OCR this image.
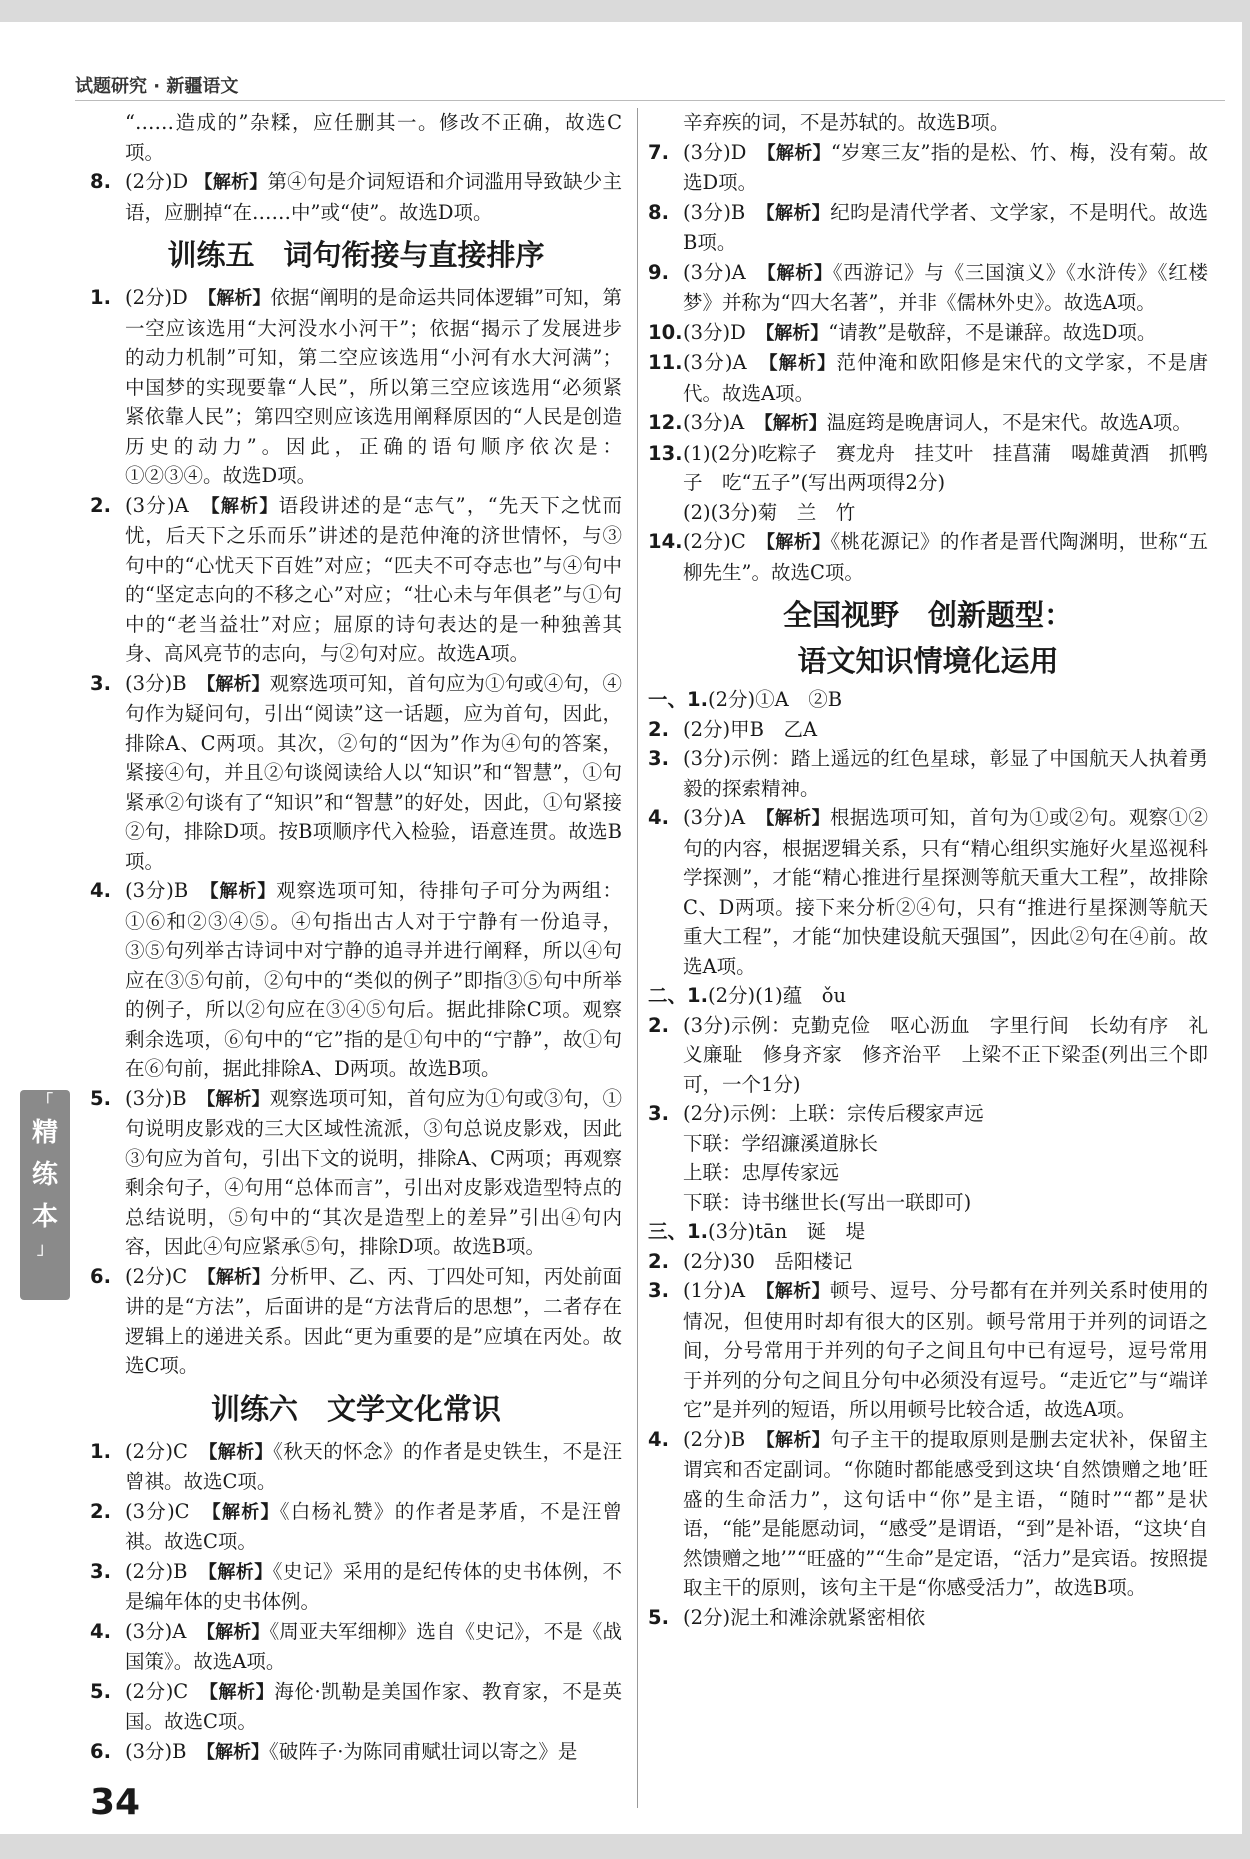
试题研究 · 新疆语文
“……造成的”杂糅，应任删其一。修改不正确，故选C项。
8. (2分)D 【解析】第④句是介词短语和介词滥用导致缺少主语，应删掉“在……中”或“使”。故选D项。
训练五　词句衔接与直接排序
1. (2分)D　 【解析】依据“阐明的是命运共同体逻辑”可知，第一空应该选用“大河没水小河干”；依据“揭示了发展进步的动力机制”可知，第二空应该选用“小河有水大河满”；中国梦的实现要靠“人民”，所以第三空应该选用“必须紧紧依靠人民”；第四空则应该选用阐释原因的“人民是创造历史的动力”。因此，正确的语句顺序依次是：①②③④。故选D项。
2. (3分)A　 【解析】语段讲述的是“志气”，“先天下之忧而忧，后天下之乐而乐”讲述的是范仲淹的济世情怀，与③句中的“心忧天下百姓”对应；“匹夫不可夺志也”与④句中的“坚定志向的不移之心”对应；“壮心未与年俱老”与①句中的“老当益壮”对应；屈原的诗句表达的是一种独善其身、高风亮节的志向，与②句对应。故选A项。
3. (3分)B　 【解析】观察选项可知，首句应为①句或④句，④句作为疑问句，引出“阅读”这一话题，应为首句，因此，排除A、C两项。其次，②句的“因为”作为④句的答案，紧接④句，并且②句谈阅读给人以“知识”和“智慧”，①句紧承②句谈有了“知识”和“智慧”的好处，因此，①句紧接②句，排除D项。按B项顺序代入检验，语意连贯。故选B项。
4. (3分)B　 【解析】观察选项可知，待排句子可分为两组：①⑥和②③④⑤。④句指出古人对于宁静有一份追寻，③⑤句列举古诗词中对宁静的追寻并进行阐释，所以④句应在③⑤句前，②句中的“类似的例子”即指③⑤句中所举的例子，所以②句应在③④⑤句后。据此排除C项。观察剩余选项，⑥句中的“它”指的是①句中的“宁静”，故①句在⑥句前，据此排除A、D两项。故选B项。
5. (3分)B　 【解析】观察选项可知，首句应为①句或③句，①句说明皮影戏的三大区域性流派，③句总说皮影戏，因此③句应为首句，引出下文的说明，排除A、C两项；再观察剩余句子，④句用“总体而言”，引出对皮影戏造型特点的总结说明，⑤句中的“其次是造型上的差异”引出④句内容，因此④句应紧承⑤句，排除D项。故选B项。
6. (2分)C　 【解析】分析甲、乙、丙、丁四处可知，丙处前面讲的是“方法”，后面讲的是“方法背后的思想”，二者存在逻辑上的递进关系。因此“更为重要的是”应填在丙处。故选C项。
训练六　文学文化常识
1. (2分)C　 【解析】《秋天的怀念》的作者是史铁生，不是汪曾祺。故选C项。
2. (3分)C　 【解析】《白杨礼赞》的作者是茅盾，不是汪曾祺。故选C项。
3. (2分)B　 【解析】《史记》采用的是纪传体的史书体例，不是编年体的史书体例。
4. (3分)A　 【解析】《周亚夫军细柳》选自《史记》，不是《战国策》。故选A项。
5. (2分)C　 【解析】海伦·凯勒是美国作家、教育家，不是英国。故选C项。
6. (3分)B　 【解析】《破阵子·为陈同甫赋壮词以寄之》是
辛弃疾的词，不是苏轼的。故选B项。
7. (3分)D　 【解析】“岁寒三友”指的是松、竹、梅，没有菊。故选D项。
8. (3分)B　 【解析】纪昀是清代学者、文学家，不是明代。故选B项。
9. (3分)A　 【解析】《西游记》与《三国演义》《水浒传》《红楼梦》并称为“四大名著”，并非《儒林外史》。故选A项。
10. (3分)D　 【解析】“请教”是敬辞，不是谦辞。故选D项。
11. (3分)A　 【解析】范仲淹和欧阳修是宋代的文学家，不是唐代。故选A项。
12. (3分)A　 【解析】温庭筠是晚唐词人，不是宋代。故选A项。
13. (1)(2分)吃粽子　赛龙舟　挂艾叶　挂菖蒲　喝雄黄酒　抓鸭子　吃“五子”(写出两项得2分)
(2)(3分)菊　兰　竹
14. (2分)C　 【解析】《桃花源记》的作者是晋代陶渊明，世称“五柳先生”。故选C项。
全国视野　创新题型：
语文知识情境化运用
一、1.(2分)①A　②B
2. (2分)甲B　乙A
3. (3分)示例：踏上遥远的红色星球，彰显了中国航天人执着勇毅的探索精神。
4. (3分)A　 【解析】根据选项可知，首句为①或②句。观察①②句的内容，根据逻辑关系，只有“精心组织实施好火星巡视科学探测”，才能“精心推进行星探测等航天重大工程”，故排除C、D两项。接下来分析②④句，只有“推进行星探测等航天重大工程”，才能“加快建设航天强国”，因此②句在④前。故选A项。
二、1.(2分)(1)蕴　ǒu
2. (3分)示例：克勤克俭　呕心沥血　字里行间　长幼有序　礼义廉耻　修身齐家　修齐治平　上梁不正下梁歪(列出三个即可，一个1分)
3. (2分)示例：上联：宗传后稷家声远
下联：学绍濂溪道脉长
上联：忠厚传家远
下联：诗书继世长(写出一联即可)
三、1.(3分)tān　诞　堤
2. (2分)30　岳阳楼记
3. (1分)A　 【解析】顿号、逗号、分号都有在并列关系时使用的情况，但使用时却有很大的区别。顿号常用于并列的词语之间，分号常用于并列的句子之间且句中已有逗号，逗号常用于并列的分句之间且分句中必须没有逗号。“走近它”与“端详它”是并列的短语，所以用顿号比较合适，故选A项。
4. (2分)B　 【解析】句子主干的提取原则是删去定状补，保留主谓宾和否定副词。“你随时都能感受到这块‘自然馈赠之地’旺盛的生命活力”，这句话中“你”是主语，“随时”“都”是状语，“能”是能愿动词，“感受”是谓语，“到”是补语，“这块‘自然馈赠之地’”“旺盛的”“生命”是定语，“活力”是宾语。按照提取主干的原则，该句主干是“你感受活力”，故选B项。
5. (2分)泥土和滩涂就紧密相依
「
精
练
本
」
34
